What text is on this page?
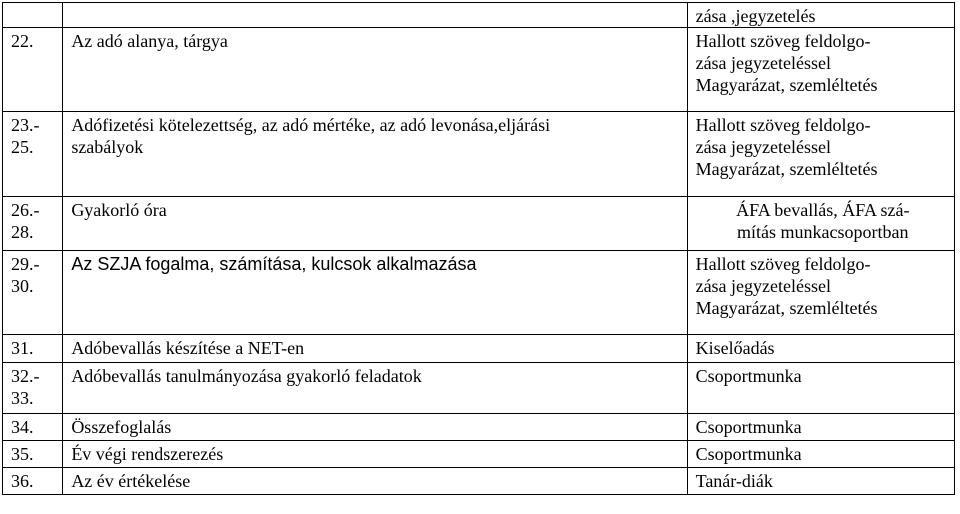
		zása ,jegyzetelés

22.	Az adó alanya, tárgya	Hallott szöveg feldolgo-
zása jegyzeteléssel
Magyarázat, szemléltetés

23.- 25.	Adófizetési kötelezettség, az adó mértéke, az adó levonása,eljárási
szabályok	Hallott szöveg feldolgo-
zása jegyzeteléssel
Magyarázat, szemléltetés

26.- 28.	Gyakorló óra	ÁFA bevallás, ÁFA szá-
mítás munkacsoportban

29.- 30.	Az SZJA fogalma, számítása, kulcsok alkalmazása	Hallott szöveg feldolgo-
zása jegyzeteléssel
Magyarázat, szemléltetés

31.	Adóbevallás készítése a NET-en	Kiselőadás

32.- 33.	Adóbevallás tanulmányozása gyakorló feladatok	Csoportmunka

34.	Összefoglalás	Csoportmunka

35.	Év végi rendszerezés	Csoportmunka

36.	Az év értékelése	Tanár-diák
